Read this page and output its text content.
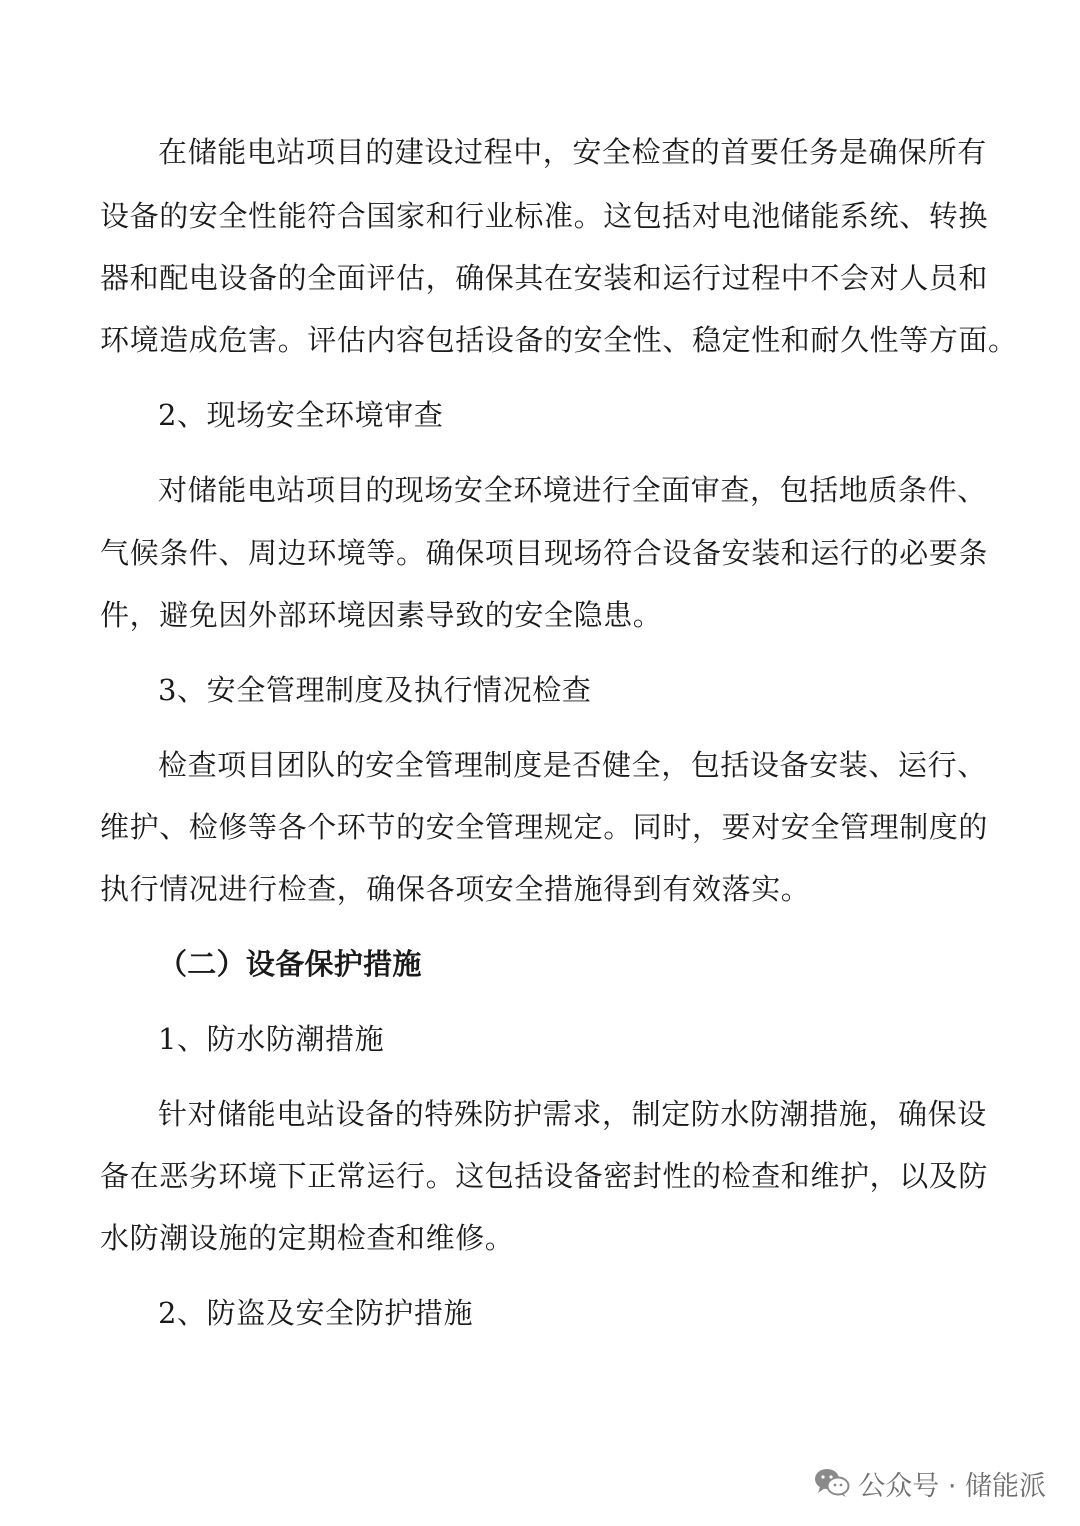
在储能电站项目的建设过程中，安全检查的首要任务是确保所有
设备的安全性能符合国家和行业标准。这包括对电池储能系统、转换
器和配电设备的全面评估，确保其在安装和运行过程中不会对人员和
环境造成危害。评估内容包括设备的安全性、稳定性和耐久性等方面。
2、现场安全环境审查
对储能电站项目的现场安全环境进行全面审查，包括地质条件、
气候条件、周边环境等。确保项目现场符合设备安装和运行的必要条
件，避免因外部环境因素导致的安全隐患。
3、安全管理制度及执行情况检查
检查项目团队的安全管理制度是否健全，包括设备安装、运行、
维护、检修等各个环节的安全管理规定。同时，要对安全管理制度的
执行情况进行检查，确保各项安全措施得到有效落实。
（二）设备保护措施
1、防水防潮措施
针对储能电站设备的特殊防护需求，制定防水防潮措施，确保设
备在恶劣环境下正常运行。这包括设备密封性的检查和维护，以及防
水防潮设施的定期检查和维修。
2、防盗及安全防护措施
公众号 · 储能派
